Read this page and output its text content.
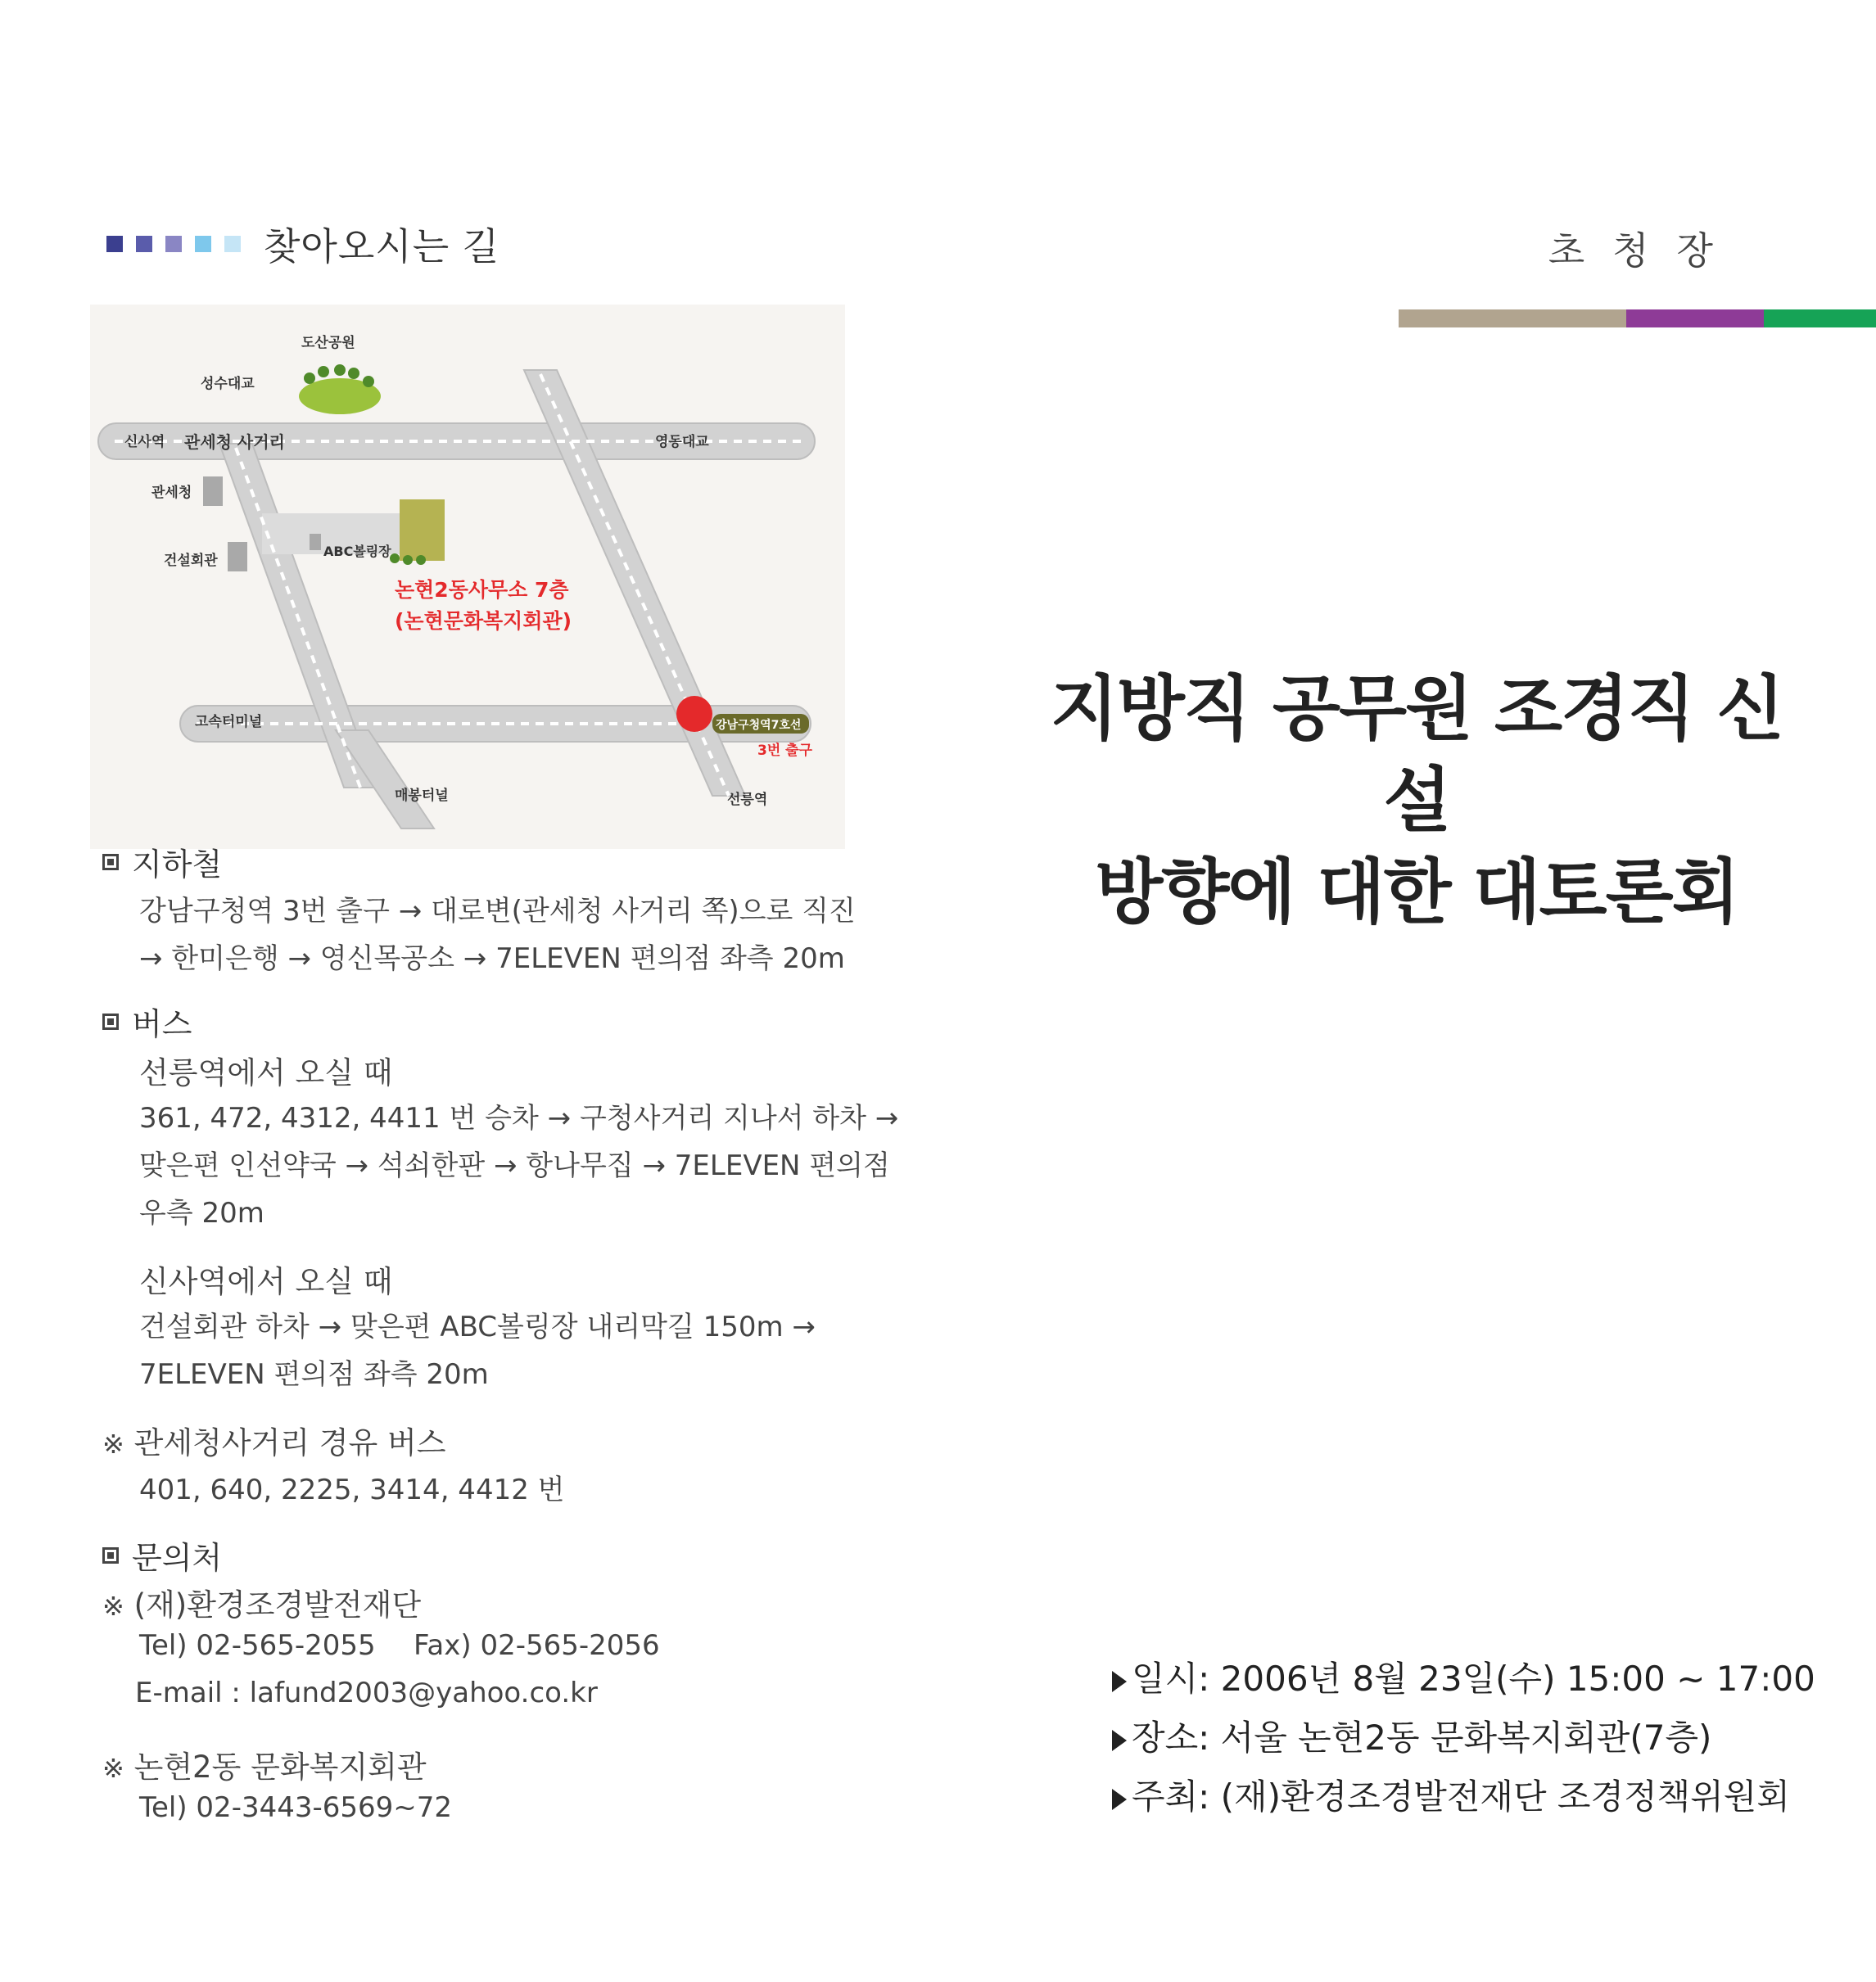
찾아오시는 길
도산공원
성수대교
신사역 관세청 사거리	영동대교
관세청
건설회관
ABC볼링장
논현2동사무소 7층
(논현문화복지회관)
고속터미널	강남구청역7호선
3번 출구
매봉터널	선릉역
지하철
강남구청역 3번 출구 → 대로변(관세청 사거리 쪽)으로 직진
→ 한미은행 → 영신목공소 → 7ELEVEN 편의점 좌측 20m
버스
선릉역에서 오실 때
361, 472, 4312, 4411 번 승차 → 구청사거리 지나서 하차 →
맞은편 인선약국 → 석쇠한판 → 항나무집 → 7ELEVEN 편의점
우측 20m
신사역에서 오실 때
건설회관 하차 → 맞은편 ABC볼링장 내리막길 150m →
7ELEVEN 편의점 좌측 20m
※ 관세청사거리 경유 버스
401, 640, 2225, 3414, 4412 번
문의처
※ (재)환경조경발전재단
Tel) 02-565-2055 Fax) 02-565-2056
E-mail : lafund2003@yahoo.co.kr
※ 논현2동 문화복지회관
Tel) 02-3443-6569~72
초청장
지방직 공무원 조경직 신설
방향에 대한 대토론회
일시: 2006년 8월 23일(수) 15:00 ~ 17:00
장소: 서울 논현2동 문화복지회관(7층)
주최: (재)환경조경발전재단 조경정책위원회
